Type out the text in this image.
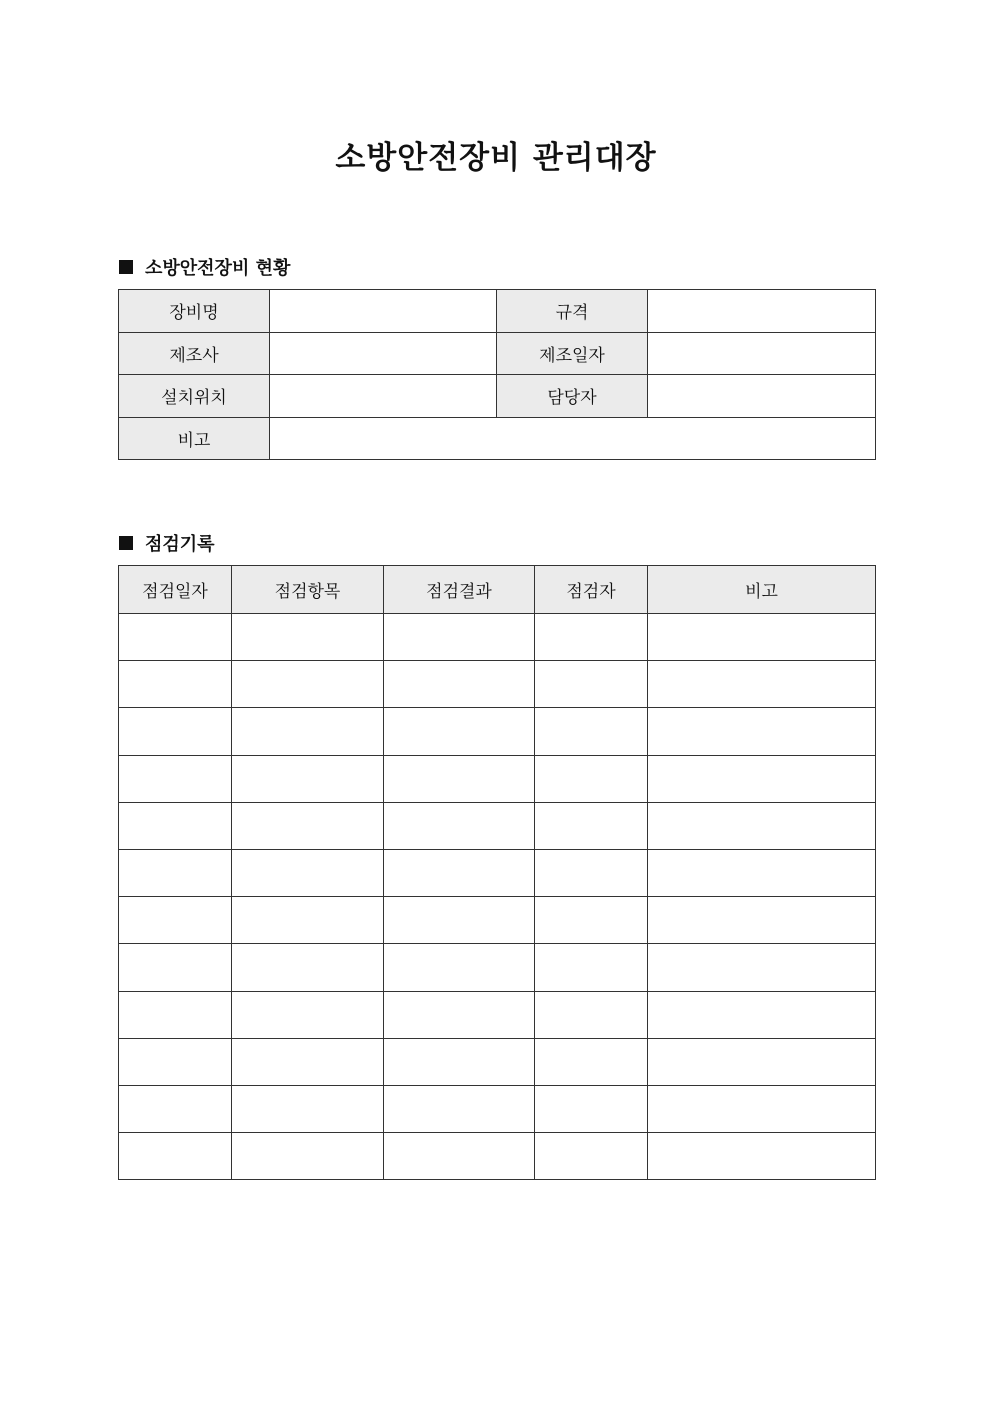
소방안전장비 관리대장
소방안전장비 현황
장비명		규격	
제조사		제조일자	
설치위치		담당자	
비고			
점검기록
점검일자	점검항목	점검결과	점검자	비고
